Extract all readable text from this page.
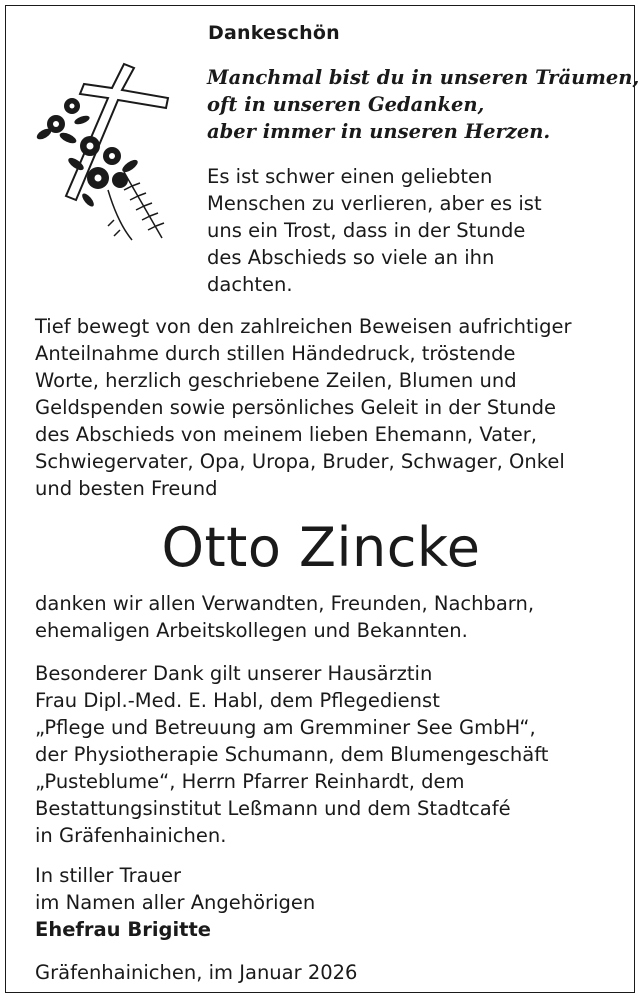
Dankeschön
Manchmal bist du in unseren Träumen,
oft in unseren Gedanken,
aber immer in unseren Herzen.
Es ist schwer einen geliebten
Menschen zu verlieren, aber es ist
uns ein Trost, dass in der Stunde
des Abschieds so viele an ihn
dachten.
Tief bewegt von den zahlreichen Beweisen aufrichtiger
Anteilnahme durch stillen Händedruck, tröstende
Worte, herzlich geschriebene Zeilen, Blumen und
Geldspenden sowie persönliches Geleit in der Stunde
des Abschieds von meinem lieben Ehemann, Vater,
Schwiegervater, Opa, Uropa, Bruder, Schwager, Onkel
und besten Freund
Otto Zincke
danken wir allen Verwandten, Freunden, Nachbarn,
ehemaligen Arbeitskollegen und Bekannten.
Besonderer Dank gilt unserer Hausärztin
Frau Dipl.-Med. E. Habl, dem Pflegedienst
„Pflege und Betreuung am Gremminer See GmbH“,
der Physiotherapie Schumann, dem Blumengeschäft
„Pusteblume“, Herrn Pfarrer Reinhardt, dem
Bestattungsinstitut Leßmann und dem Stadtcafé
in Gräfenhainichen.
In stiller Trauer
im Namen aller Angehörigen
Ehefrau Brigitte
Gräfenhainichen, im Januar 2026
